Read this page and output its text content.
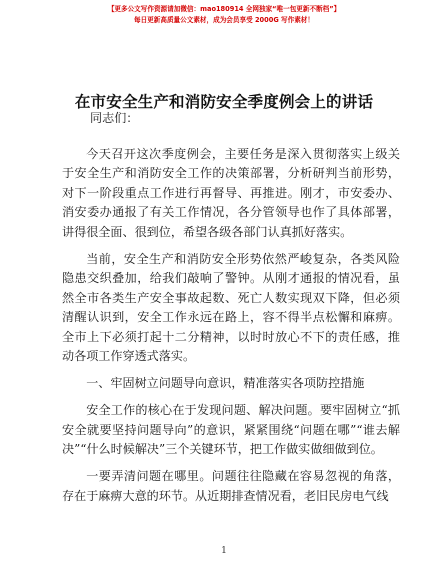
【更多公文写作资源请加微信：mao180914 全网独家“唯一包更新不断档”】
每日更新高质量公文素材，成为会员享受 2000G 写作素材！
在市安全生产和消防安全季度例会上的讲话

同志们：

今天召开这次季度例会，主要任务是深入贯彻落实上级关于安全生产和消防安全工作的决策部署，分析研判当前形势，对下一阶段重点工作进行再督导、再推进。刚才，市安委办、消安委办通报了有关工作情况，各分管领导也作了具体部署，讲得很全面、很到位，希望各级各部门认真抓好落实。

当前，安全生产和消防安全形势依然严峻复杂，各类风险隐患交织叠加，给我们敲响了警钟。从刚才通报的情况看，虽然全市各类生产安全事故起数、死亡人数实现双下降，但必须清醒认识到，安全工作永远在路上，容不得半点松懈和麻痹。全市上下必须打起十二分精神，以时时放心不下的责任感，推动各项工作穿透式落实。

一、牢固树立问题导向意识，精准落实各项防控措施

安全工作的核心在于发现问题、解决问题。要牢固树立“抓安全就要坚持问题导向”的意识，紧紧围绕“问题在哪”“谁去解决”“什么时候解决”三个关键环节，把工作做实做细做到位。

一要弄清问题在哪里。问题往往隐藏在容易忽视的角落，存在于麻痹大意的环节。从近期排查情况看，老旧民房电气线

1
